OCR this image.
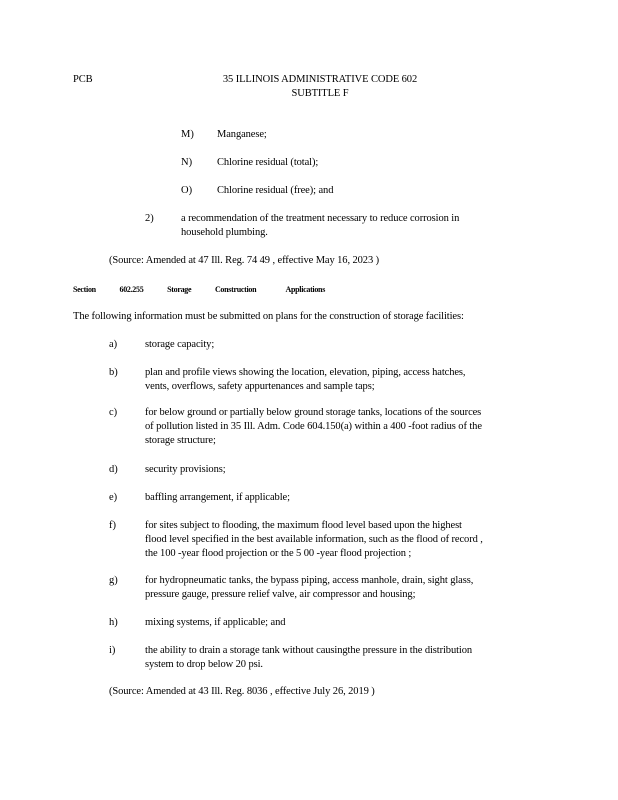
PCB	35 ILLINOIS ADMINISTRATIVE CODE 602
SUBTITLE F
M) Manganese;
N) Chlorine residual (total);
O) Chlorine residual (free); and
2)	a recommendation of the treatment necessary to reduce corrosion in
household plumbing.
(Source: Amended at 47 Ill. Reg. 74 49 , effective May 16, 2023 )
Section	602.255	Storage	Construction	Applications
The following information must be submitted on plans for the construction of storage facilities:
a)	storage capacity;
b)	plan and profile views showing the location, elevation, piping, access hatches,
vents, overflows, safety appurtenances and sample taps;
c)	for below ground or partially below ground storage tanks, locations of the sources
of pollution listed in 35 Ill. Adm. Code 604.150(a) within a 400 -foot radius of the
storage structure;
d)	security provisions;
e)	baffling arrangement, if applicable;
f)	for sites subject to flooding, the maximum flood level based upon the highest
flood level specified in the best available information, such as the flood of record ,
the 100 -year flood projection or the 5 00 -year flood projection ;
g)	for hydropneumatic tanks, the bypass piping, access manhole, drain, sight glass,
pressure gauge, pressure relief valve, air compressor and housing;
h)	mixing systems, if applicable; and
i)	the ability to drain a storage tank without causingthe pressure in the distribution
system to drop below 20 psi.
(Source: Amended at 43 Ill. Reg. 8036 , effective July 26, 2019 )
